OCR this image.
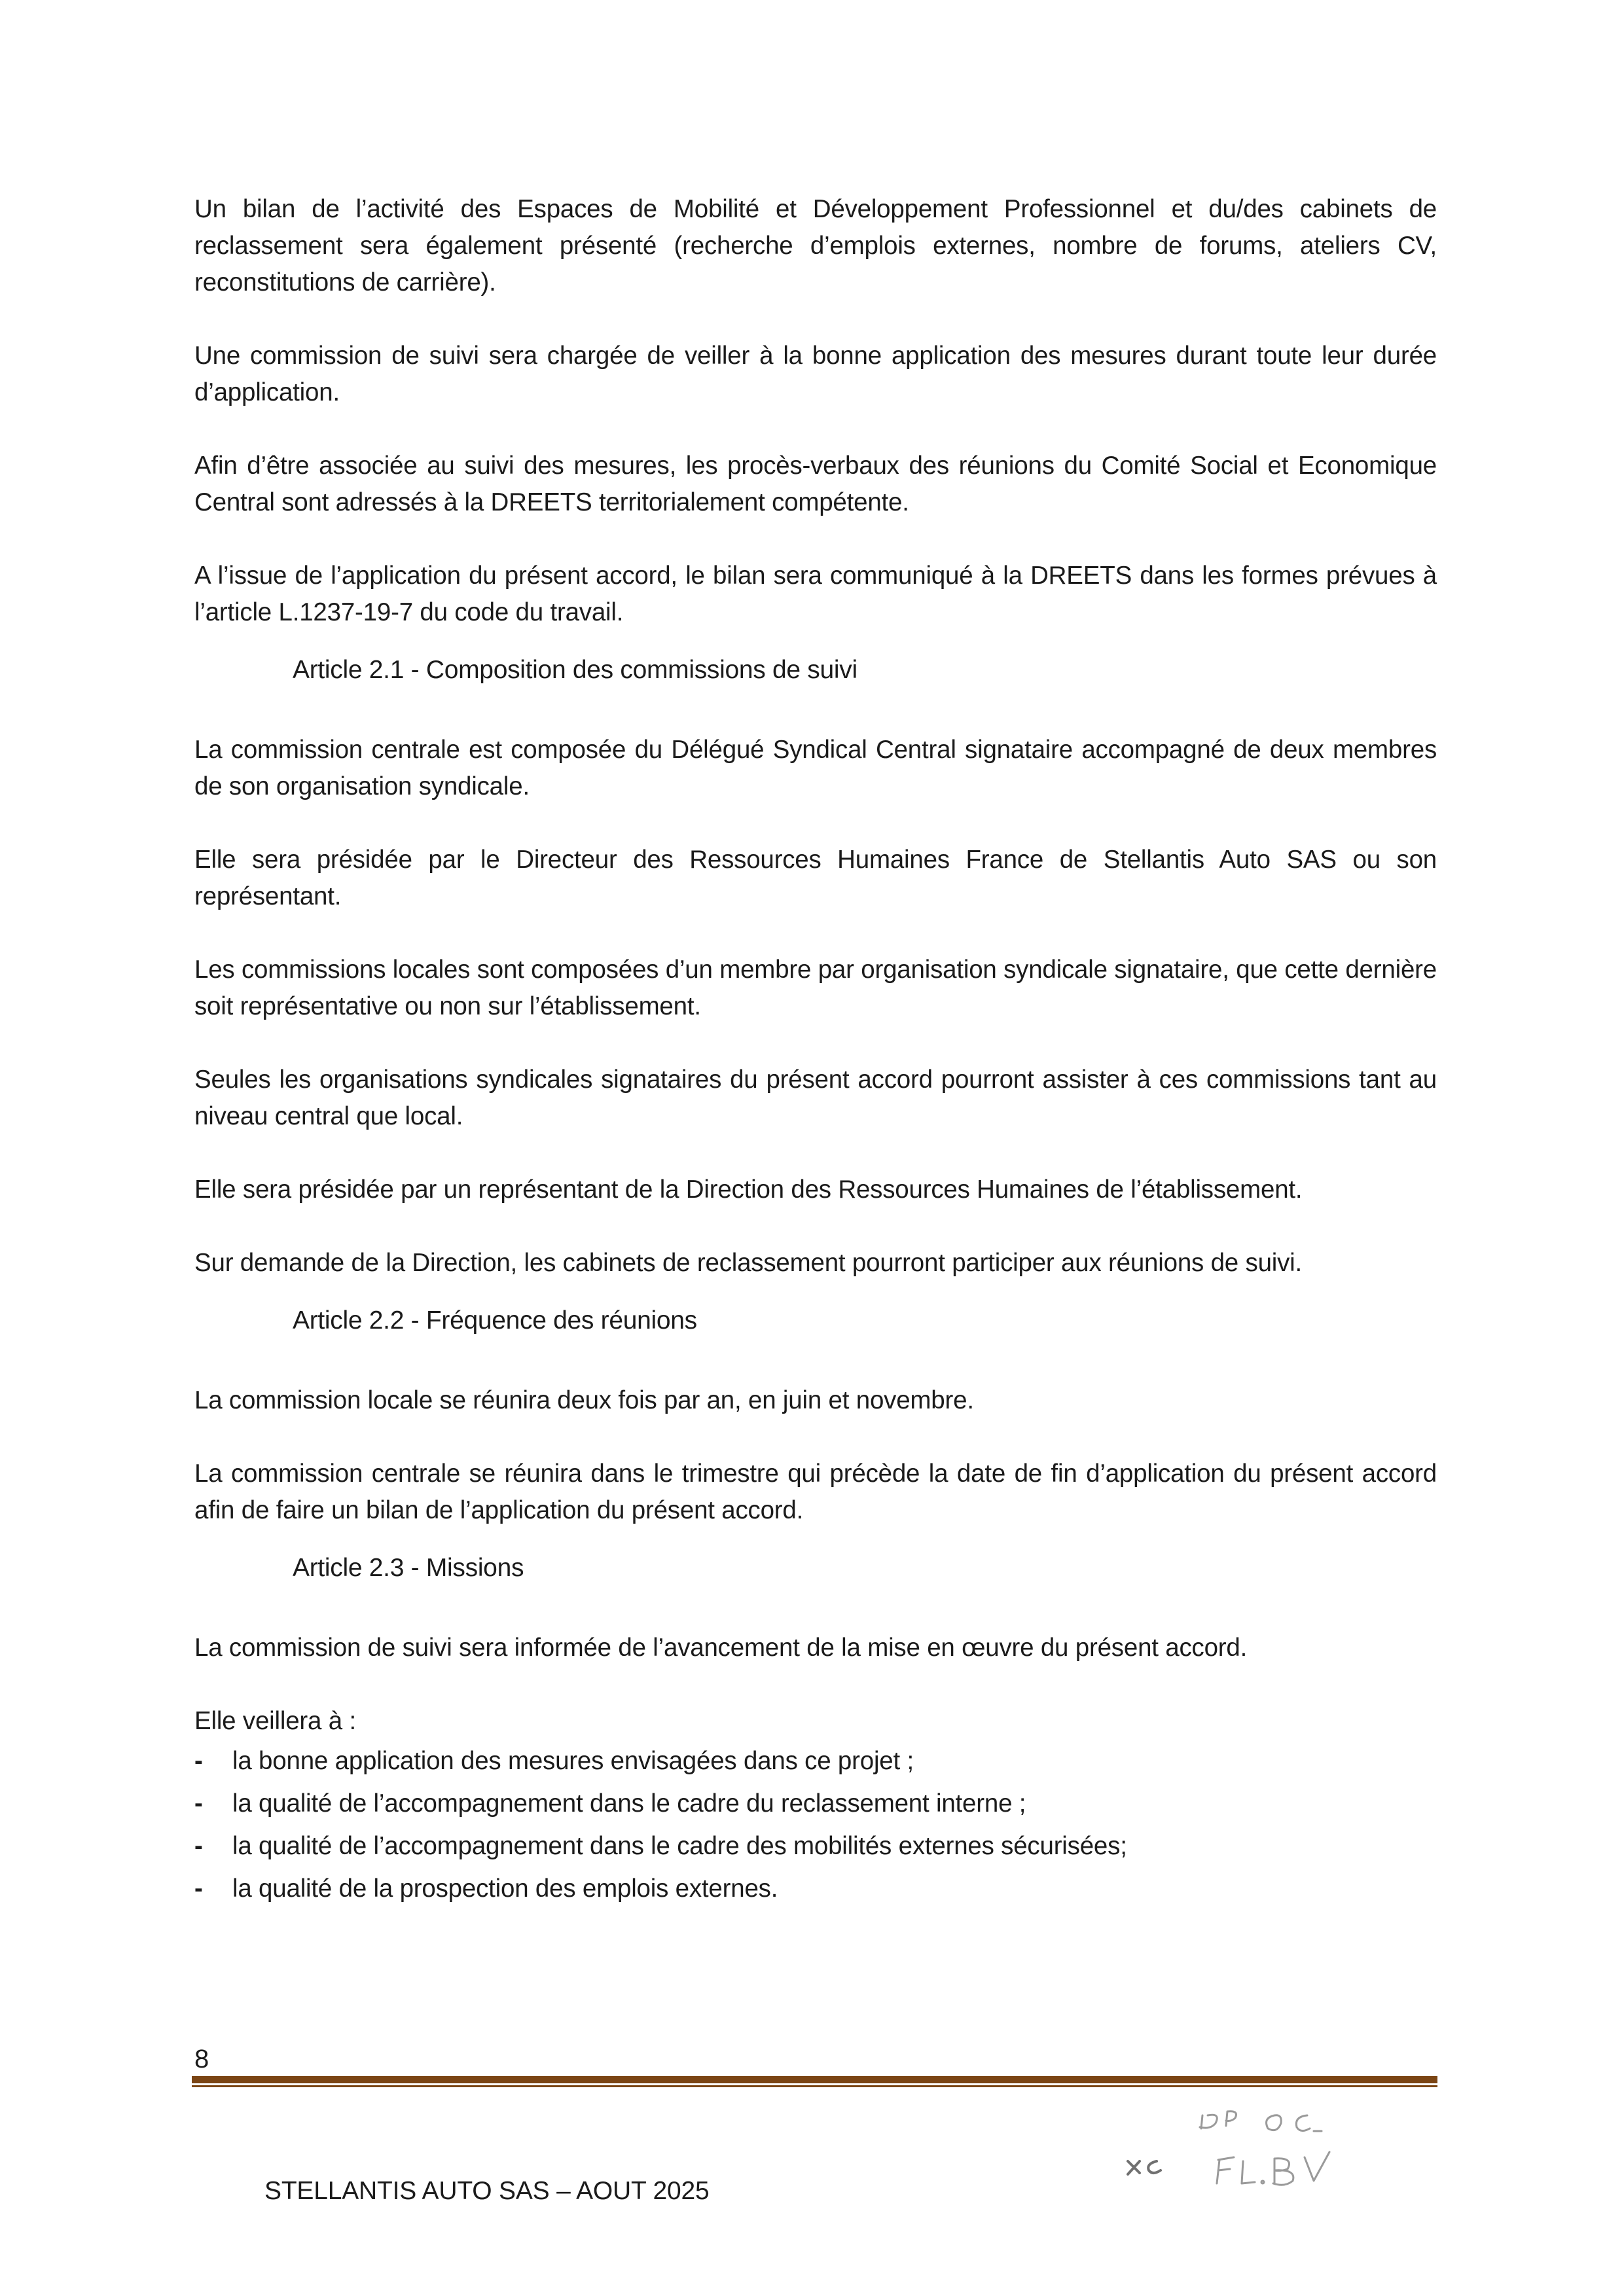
Un bilan de l’activité des Espaces de Mobilité et Développement Professionnel et du/des cabinets de reclassement sera également présenté (recherche d’emplois externes, nombre de forums, ateliers CV, reconstitutions de carrière).

Une commission de suivi sera chargée de veiller à la bonne application des mesures durant toute leur durée d’application.

Afin d’être associée au suivi des mesures, les procès-verbaux des réunions du Comité Social et Economique Central sont adressés à la DREETS territorialement compétente.

A l’issue de l’application du présent accord, le bilan sera communiqué à la DREETS dans les formes prévues à l’article L.1237-19-7 du code du travail.

Article 2.1 - Composition des commissions de suivi

La commission centrale est composée du Délégué Syndical Central signataire accompagné de deux membres de son organisation syndicale.

Elle sera présidée par le Directeur des Ressources Humaines France de Stellantis Auto SAS ou son représentant.

Les commissions locales sont composées d’un membre par organisation syndicale signataire, que cette dernière soit représentative ou non sur l’établissement.

Seules les organisations syndicales signataires du présent accord pourront assister à ces commissions tant au niveau central que local.

Elle sera présidée par un représentant de la Direction des Ressources Humaines de l’établissement.

Sur demande de la Direction, les cabinets de reclassement pourront participer aux réunions de suivi.

Article 2.2 - Fréquence des réunions

La commission locale se réunira deux fois par an, en juin et novembre.

La commission centrale se réunira dans le trimestre qui précède la date de fin d’application du présent accord afin de faire un bilan de l’application du présent accord.

Article 2.3 - Missions

La commission de suivi sera informée de l’avancement de la mise en œuvre du présent accord.

Elle veillera à :

- la bonne application des mesures envisagées dans ce projet ;
- la qualité de l’accompagnement dans le cadre du reclassement interne ;
- la qualité de l’accompagnement dans le cadre des mobilités externes sécurisées;
- la qualité de la prospection des emplois externes.
8
STELLANTIS AUTO SAS – AOUT 2025
